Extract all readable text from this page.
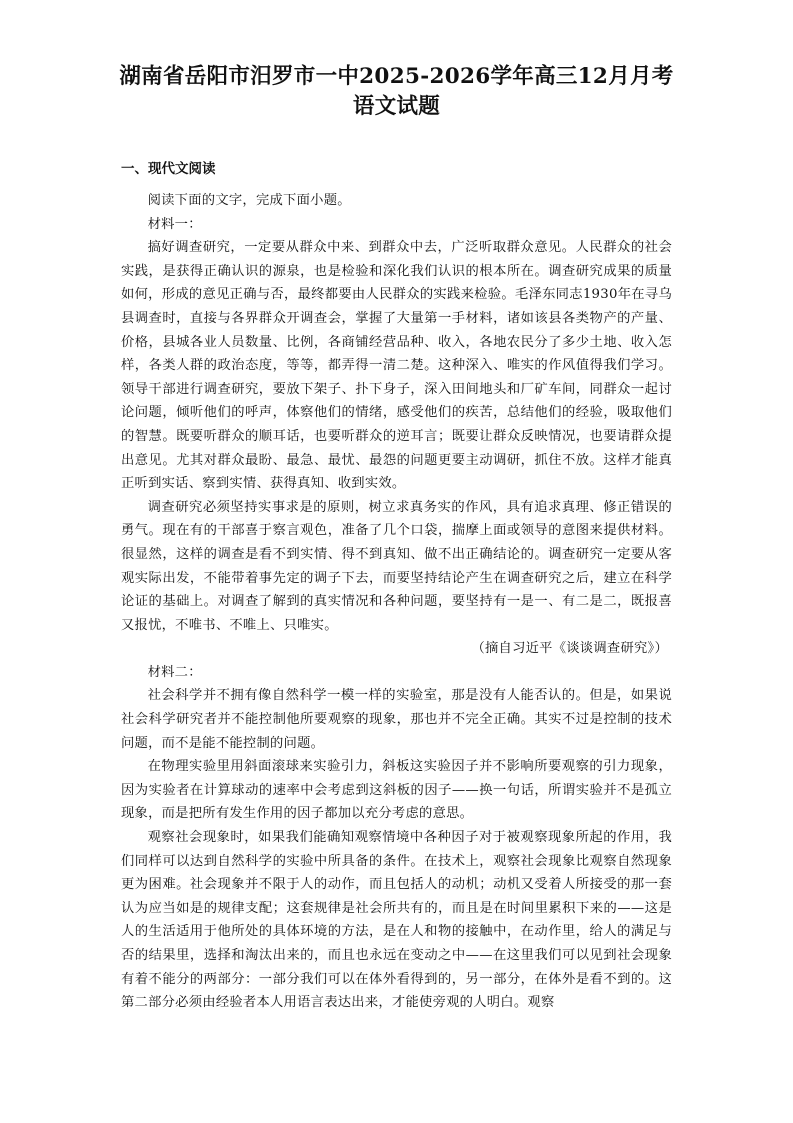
湖南省岳阳市汨罗市一中2025-2026学年高三12月月考语文试题
一、现代文阅读

阅读下面的文字，完成下面小题。

材料一：

搞好调查研究，一定要从群众中来、到群众中去，广泛听取群众意见。人民群众的社会实践，是获得正确认识的源泉，也是检验和深化我们认识的根本所在。调查研究成果的质量如何，形成的意见正确与否，最终都要由人民群众的实践来检验。毛泽东同志1930年在寻乌县调查时，直接与各界群众开调查会，掌握了大量第一手材料，诸如该县各类物产的产量、价格，县城各业人员数量、比例，各商铺经营品种、收入，各地农民分了多少土地、收入怎样，各类人群的政治态度，等等，都弄得一清二楚。这种深入、唯实的作风值得我们学习。领导干部进行调查研究，要放下架子、扑下身子，深入田间地头和厂矿车间，同群众一起讨论问题，倾听他们的呼声，体察他们的情绪，感受他们的疾苦，总结他们的经验，吸取他们的智慧。既要听群众的顺耳话，也要听群众的逆耳言；既要让群众反映情况，也要请群众提出意见。尤其对群众最盼、最急、最忧、最怨的问题更要主动调研，抓住不放。这样才能真正听到实话、察到实情、获得真知、收到实效。

调查研究必须坚持实事求是的原则，树立求真务实的作风，具有追求真理、修正错误的勇气。现在有的干部喜于察言观色，准备了几个口袋，揣摩上面或领导的意图来提供材料。很显然，这样的调查是看不到实情、得不到真知、做不出正确结论的。调查研究一定要从客观实际出发，不能带着事先定的调子下去，而要坚持结论产生在调查研究之后，建立在科学论证的基础上。对调查了解到的真实情况和各种问题，要坚持有一是一、有二是二，既报喜又报忧，不唯书、不唯上、只唯实。

（摘自习近平《谈谈调查研究》）

材料二：

社会科学并不拥有像自然科学一模一样的实验室，那是没有人能否认的。但是，如果说社会科学研究者并不能控制他所要观察的现象，那也并不完全正确。其实不过是控制的技术问题，而不是能不能控制的问题。

在物理实验里用斜面滚球来实验引力，斜板这实验因子并不影响所要观察的引力现象，因为实验者在计算球动的速率中会考虑到这斜板的因子——换一句话，所谓实验并不是孤立现象，而是把所有发生作用的因子都加以充分考虑的意思。

观察社会现象时，如果我们能确知观察情境中各种因子对于被观察现象所起的作用，我们同样可以达到自然科学的实验中所具备的条件。在技术上，观察社会现象比观察自然现象更为困难。社会现象并不限于人的动作，而且包括人的动机；动机又受着人所接受的那一套认为应当如是的规律支配；这套规律是社会所共有的，而且是在时间里累积下来的——这是人的生活适用于他所处的具体环境的方法，是在人和物的接触中，在动作里，给人的满足与否的结果里，选择和淘汰出来的，而且也永远在变动之中——在这里我们可以见到社会现象有着不能分的两部分：一部分我们可以在体外看得到的，另一部分，在体外是看不到的。这第二部分必须由经验者本人用语言表达出来，才能使旁观的人明白。观察
